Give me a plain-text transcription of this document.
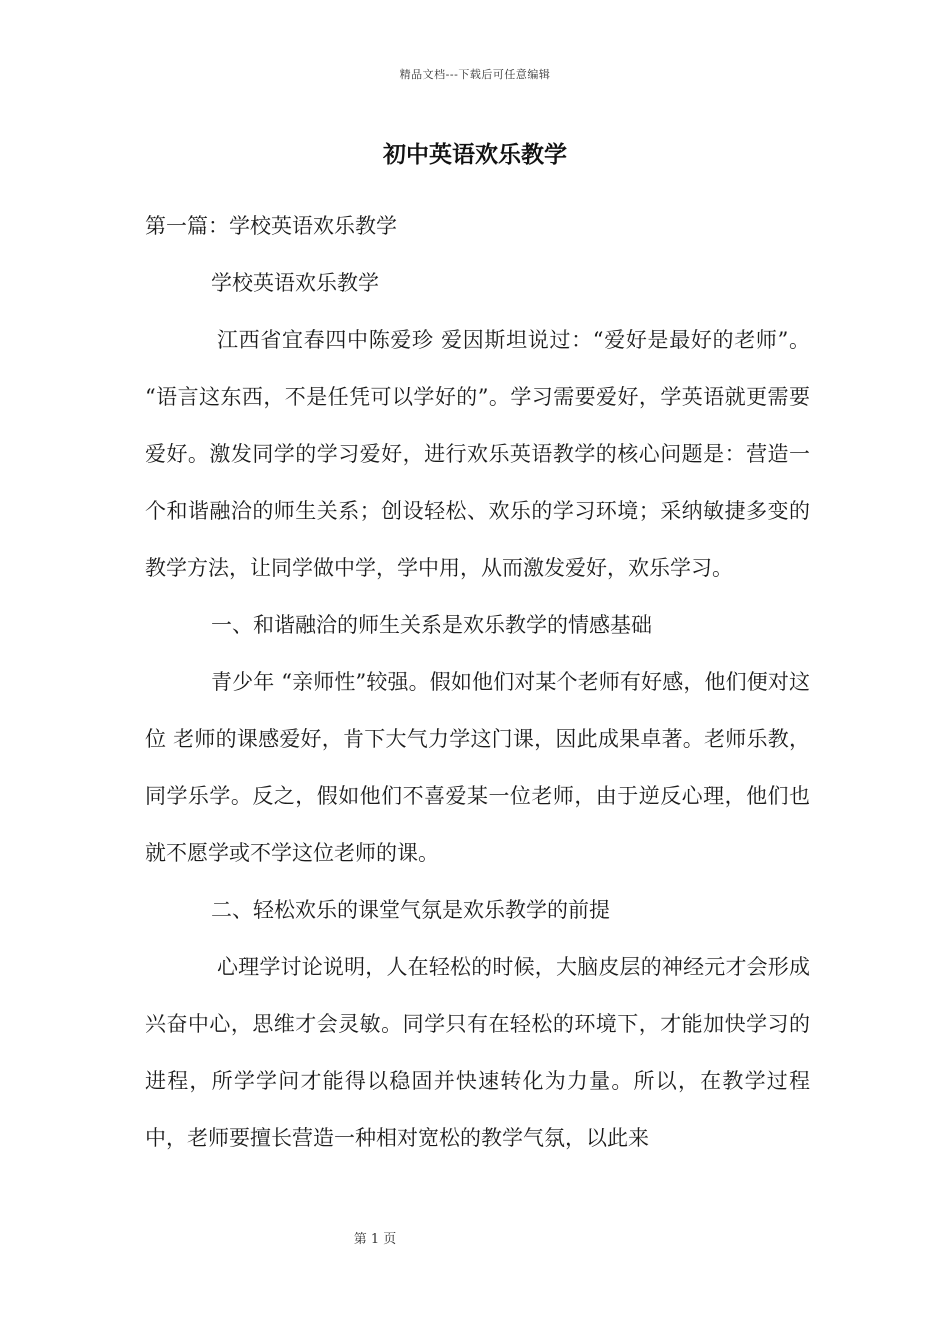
精品文档---下载后可任意编辑
初中英语欢乐教学

第一篇：学校英语欢乐教学

学校英语欢乐教学

江西省宜春四中陈爱珍 爱因斯坦说过：“爱好是最好的老师”。 “语言这东西，不是任凭可以学好的”。学习需要爱好，学英语就更需要爱好。激发同学的学习爱好，进行欢乐英语教学的核心问题是：营造一个和谐融洽的师生关系；创设轻松、欢乐的学习环境；采纳敏捷多变的教学方法，让同学做中学，学中用，从而激发爱好，欢乐学习。

一、和谐融洽的师生关系是欢乐教学的情感基础

青少年 “亲师性”较强。假如他们对某个老师有好感，他们便对这位 老师的课感爱好，肯下大气力学这门课，因此成果卓著。老师乐教，同学乐学。反之，假如他们不喜爱某一位老师，由于逆反心理，他们也就不愿学或不学这位老师的课。

二、轻松欢乐的课堂气氛是欢乐教学的前提

心理学讨论说明，人在轻松的时候，大脑皮层的神经元才会形成兴奋中心，思维才会灵敏。同学只有在轻松的环境下，才能加快学习的进程，所学学问才能得以稳固并快速转化为力量。所以，在教学过程中，老师要擅长营造一种相对宽松的教学气氛，以此来

第 1 页
